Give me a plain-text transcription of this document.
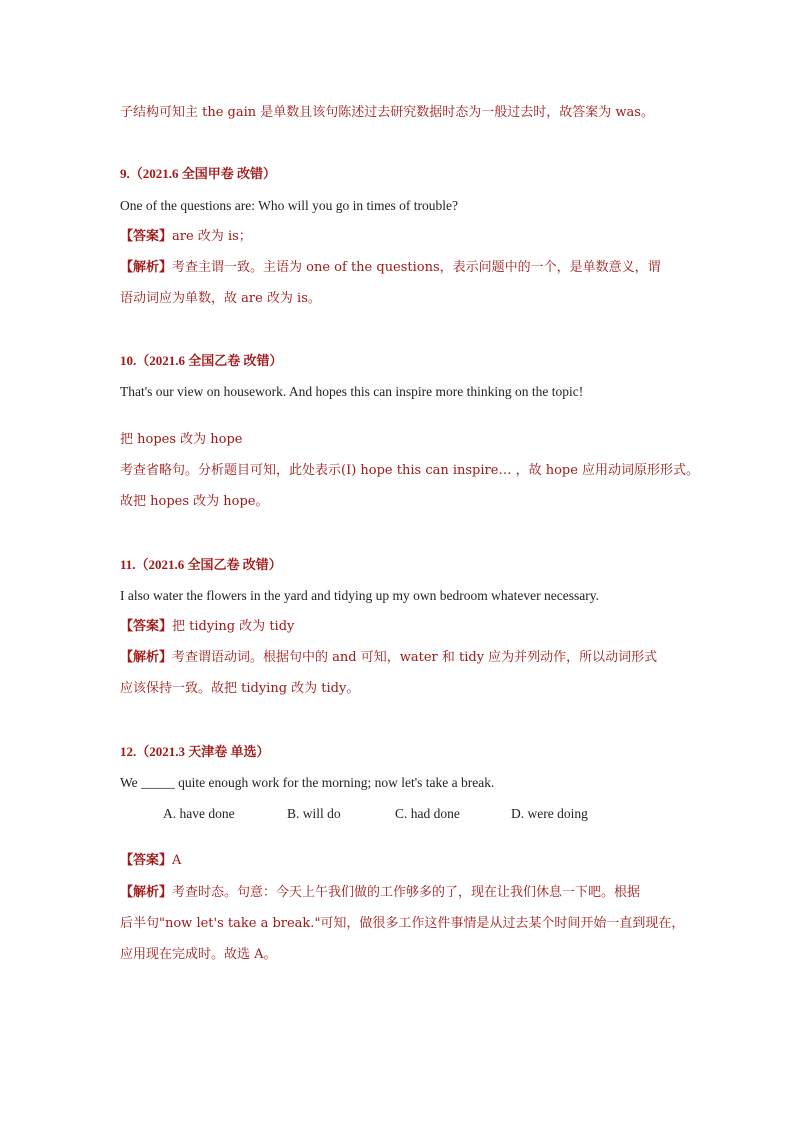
子结构可知主 the gain 是单数且该句陈述过去研究数据时态为一般过去时，故答案为 was。
9.（2021.6 全国甲卷 改错）
One of the questions are: Who will you go in times of trouble?
【答案】are 改为 is；
【解析】考查主谓一致。主语为 one of the questions，表示问题中的一个，是单数意义，谓
语动词应为单数，故 are 改为 is。
10.（2021.6 全国乙卷 改错）
That's our view on housework. And hopes this can inspire more thinking on the topic!
把 hopes 改为 hope
考查省略句。分析题目可知，此处表示(I) hope this can inspire… ，故 hope 应用动词原形形式。
故把 hopes 改为 hope。
11.（2021.6 全国乙卷 改错）
I also water the flowers in the yard and tidying up my own bedroom whatever necessary.
【答案】把 tidying 改为 tidy
【解析】考查谓语动词。根据句中的 and 可知，water 和 tidy 应为并列动作，所以动词形式
应该保持一致。故把 tidying 改为 tidy。
12.（2021.3 天津卷 单选）
We _____ quite enough work for the morning; now let's take a break.
A. have done	B. will do	C. had done	D. were doing
【答案】A
【解析】考查时态。句意：今天上午我们做的工作够多的了，现在让我们休息一下吧。根据
后半句"now let's take a break."可知，做很多工作这件事情是从过去某个时间开始一直到现在，
应用现在完成时。故选 A。
